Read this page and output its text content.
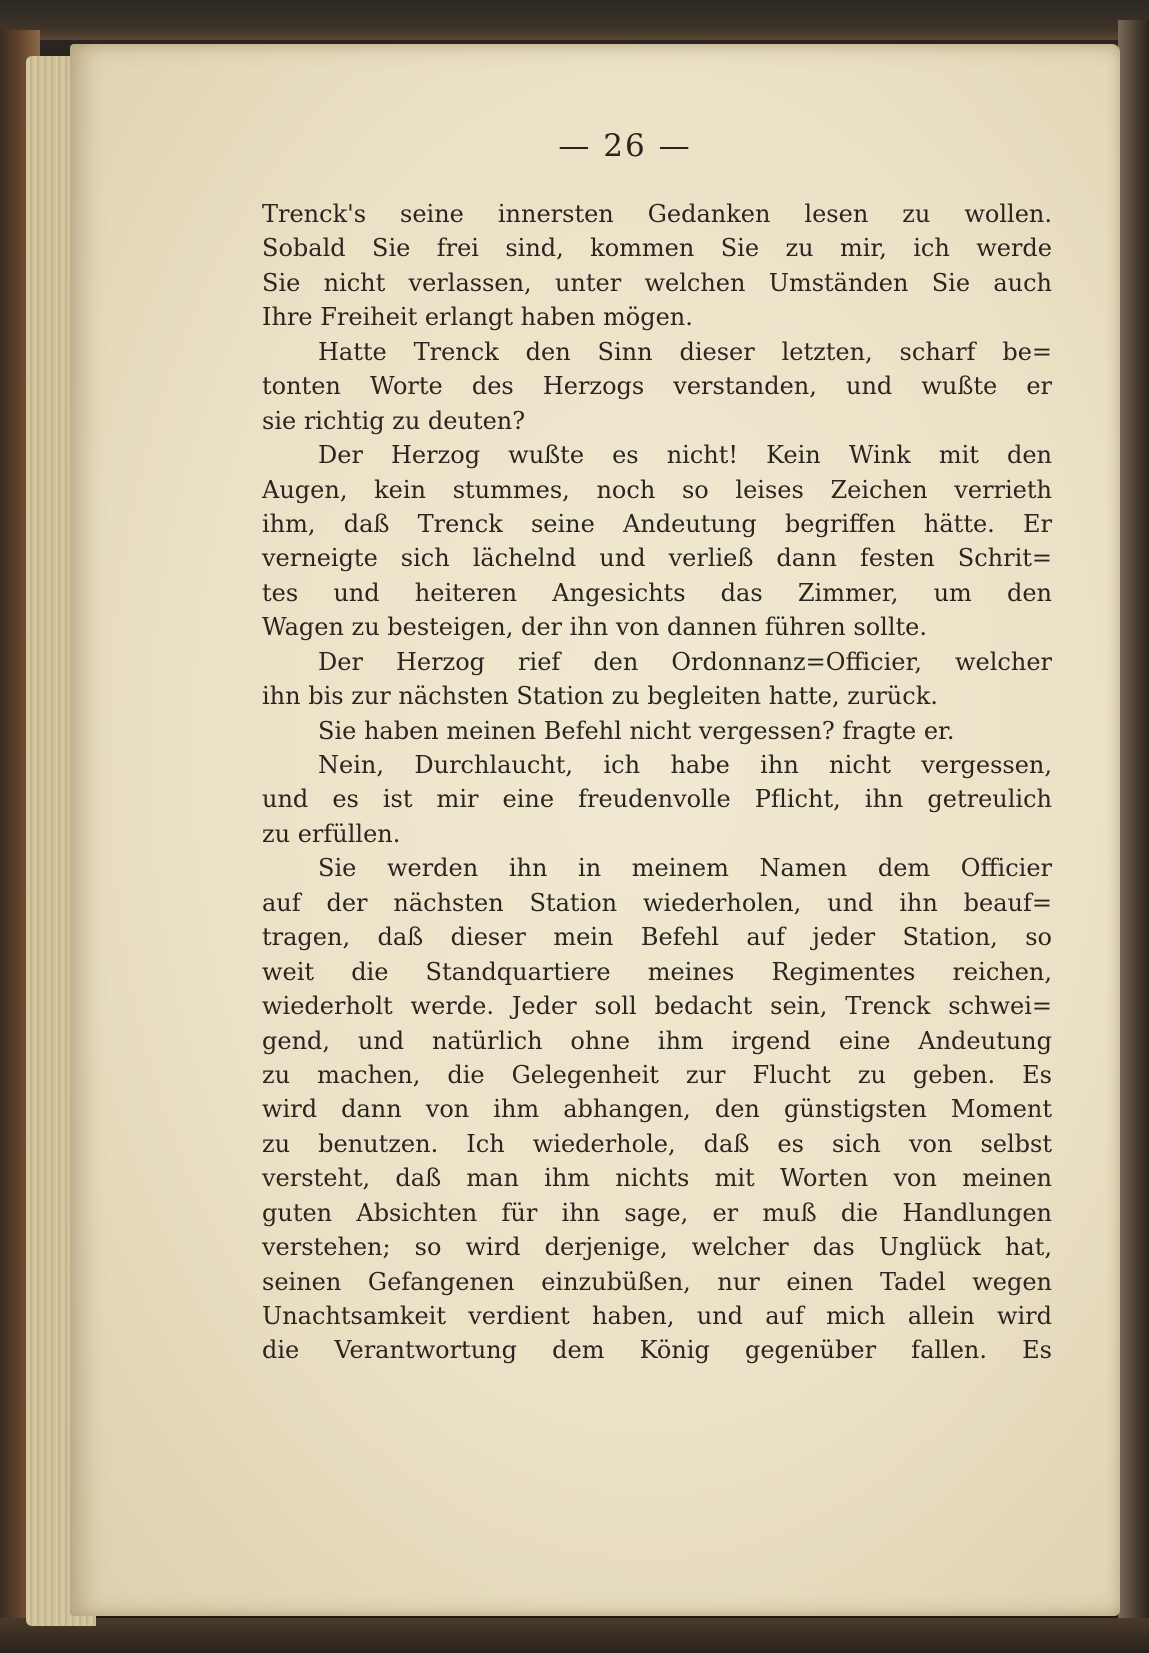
— 26 —
Trenck's seine innersten Gedanken lesen zu wollen.
Sobald Sie frei sind, kommen Sie zu mir, ich werde
Sie nicht verlassen, unter welchen Umständen Sie auch
Ihre Freiheit erlangt haben mögen.
Hatte Trenck den Sinn dieser letzten, scharf be=
tonten Worte des Herzogs verstanden, und wußte er
sie richtig zu deuten?
Der Herzog wußte es nicht! Kein Wink mit den
Augen, kein stummes, noch so leises Zeichen verrieth
ihm, daß Trenck seine Andeutung begriffen hätte. Er
verneigte sich lächelnd und verließ dann festen Schrit=
tes und heiteren Angesichts das Zimmer, um den
Wagen zu besteigen, der ihn von dannen führen sollte.
Der Herzog rief den Ordonnanz=Officier, welcher
ihn bis zur nächsten Station zu begleiten hatte, zurück.
Sie haben meinen Befehl nicht vergessen? fragte er.
Nein, Durchlaucht, ich habe ihn nicht vergessen,
und es ist mir eine freudenvolle Pflicht, ihn getreulich
zu erfüllen.
Sie werden ihn in meinem Namen dem Officier
auf der nächsten Station wiederholen, und ihn beauf=
tragen, daß dieser mein Befehl auf jeder Station, so
weit die Standquartiere meines Regimentes reichen,
wiederholt werde. Jeder soll bedacht sein, Trenck schwei=
gend, und natürlich ohne ihm irgend eine Andeutung
zu machen, die Gelegenheit zur Flucht zu geben. Es
wird dann von ihm abhangen, den günstigsten Moment
zu benutzen. Ich wiederhole, daß es sich von selbst
versteht, daß man ihm nichts mit Worten von meinen
guten Absichten für ihn sage, er muß die Handlungen
verstehen; so wird derjenige, welcher das Unglück hat,
seinen Gefangenen einzubüßen, nur einen Tadel wegen
Unachtsamkeit verdient haben, und auf mich allein wird
die Verantwortung dem König gegenüber fallen. Es
